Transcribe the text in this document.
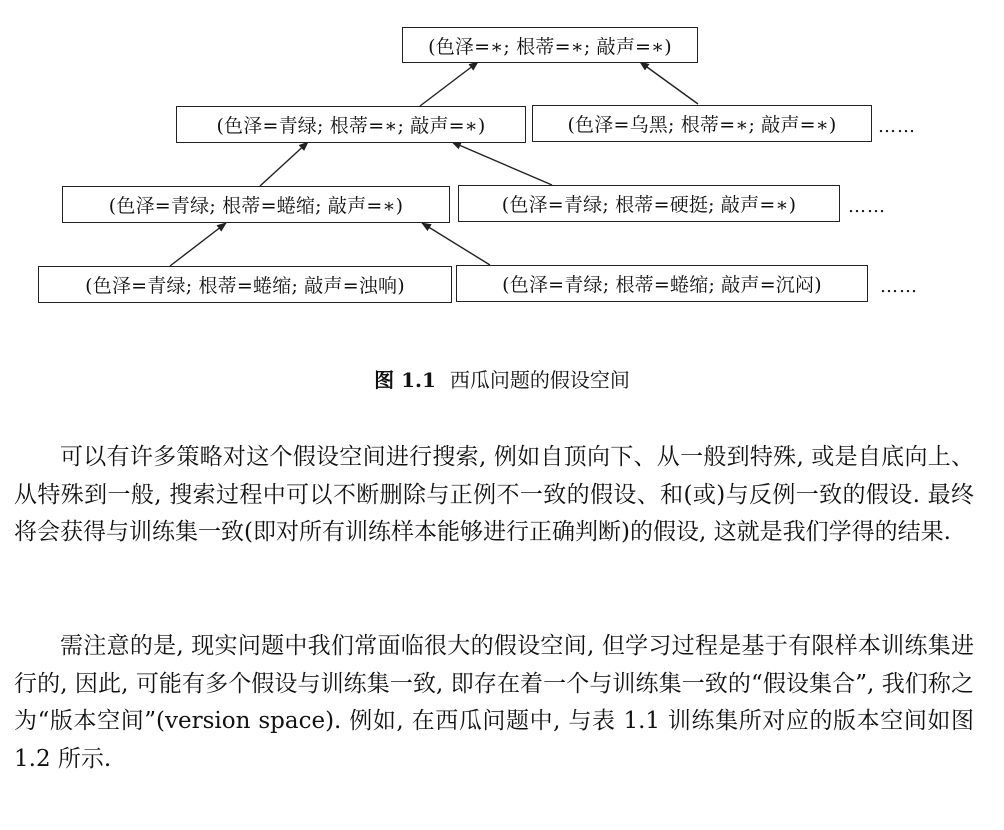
(色泽=∗; 根蒂=∗; 敲声=∗)
(色泽=青绿; 根蒂=∗; 敲声=∗)	(色泽=乌黑; 根蒂=∗; 敲声=∗)	……
(色泽=青绿; 根蒂=蜷缩; 敲声=∗)	(色泽=青绿; 根蒂=硬挺; 敲声=∗)	……
(色泽=青绿; 根蒂=蜷缩; 敲声=浊响)	(色泽=青绿; 根蒂=蜷缩; 敲声=沉闷)	……
图 1.1 西瓜问题的假设空间

可以有许多策略对这个假设空间进行搜索, 例如自顶向下、从一般到特殊, 或是自底向上、从特殊到一般, 搜索过程中可以不断删除与正例不一致的假设、和(或)与反例一致的假设. 最终将会获得与训练集一致(即对所有训练样本能够进行正确判断)的假设, 这就是我们学得的结果.

需注意的是, 现实问题中我们常面临很大的假设空间, 但学习过程是基于有限样本训练集进行的, 因此, 可能有多个假设与训练集一致, 即存在着一个与训练集一致的“假设集合”, 我们称之为“版本空间”(version space). 例如, 在西瓜问题中, 与表 1.1 训练集所对应的版本空间如图 1.2 所示.
